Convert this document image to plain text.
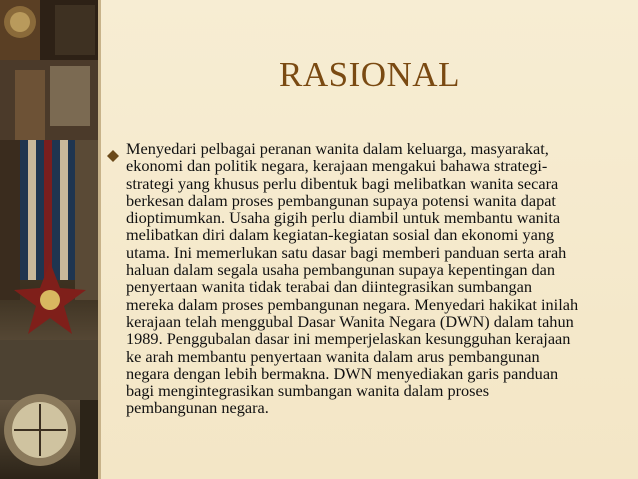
RASIONAL
Menyedari pelbagai peranan wanita dalam keluarga, masyarakat,
ekonomi dan politik negara, kerajaan mengakui bahawa strategi-
strategi yang khusus perlu dibentuk bagi melibatkan wanita secara
berkesan dalam proses pembangunan supaya potensi wanita dapat
dioptimumkan. Usaha gigih perlu diambil untuk membantu wanita
melibatkan diri dalam kegiatan-kegiatan sosial dan ekonomi yang
utama. Ini memerlukan satu dasar bagi memberi panduan serta arah
haluan dalam segala usaha pembangunan supaya kepentingan dan
penyertaan wanita tidak terabai dan diintegrasikan sumbangan
mereka dalam proses pembangunan negara. Menyedari hakikat inilah
kerajaan telah menggubal Dasar Wanita Negara (DWN) dalam tahun
1989. Penggubalan dasar ini memperjelaskan kesungguhan kerajaan
ke arah membantu penyertaan wanita dalam arus pembangunan
negara dengan lebih bermakna. DWN menyediakan garis panduan
bagi mengintegrasikan sumbangan wanita dalam proses
pembangunan negara.
